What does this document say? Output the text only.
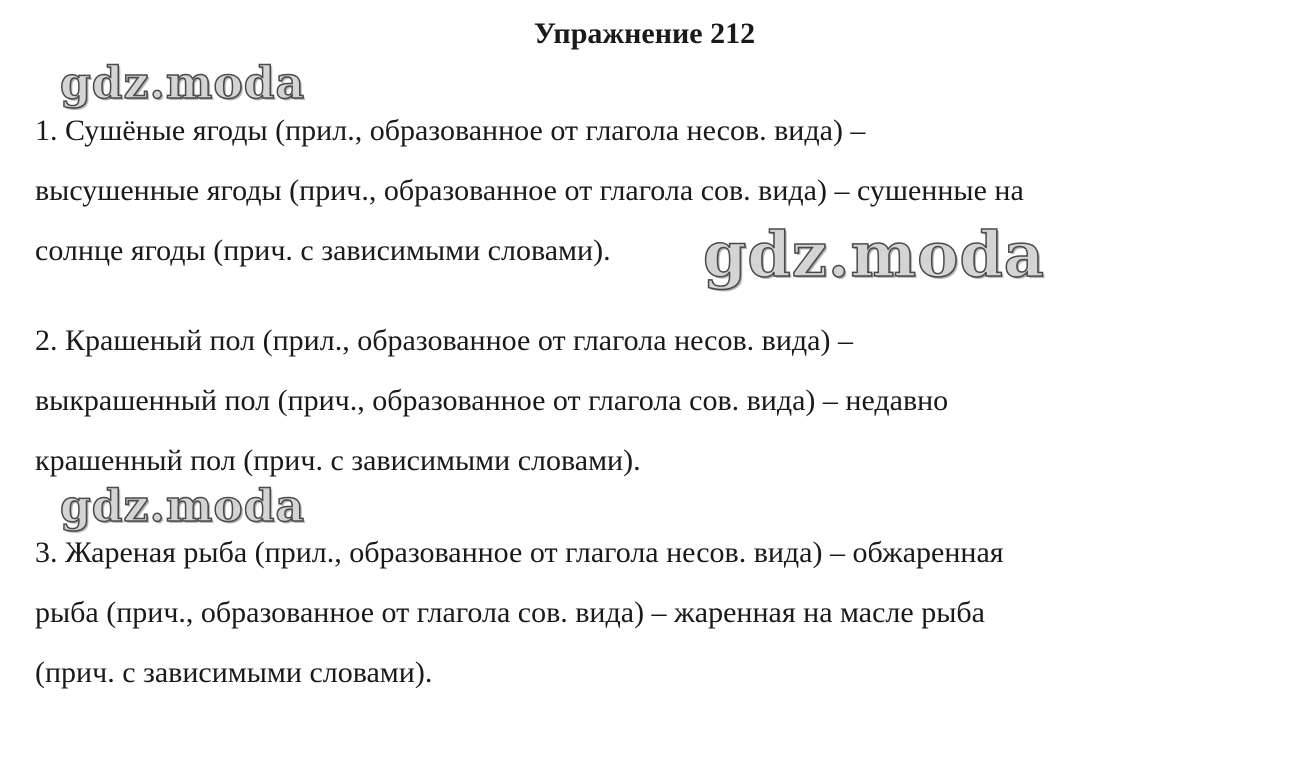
Упражнение 212

1. Сушёные ягоды (прил., образованное от глагола несов. вида) –
высушенные ягоды (прич., образованное от глагола сов. вида) – сушенные на
солнце ягоды (прич. с зависимыми словами).

2. Крашеный пол (прил., образованное от глагола несов. вида) –
выкрашенный пол (прич., образованное от глагола сов. вида) – недавно
крашенный пол (прич. с зависимыми словами).

3. Жареная рыба (прил., образованное от глагола несов. вида) – обжаренная
рыба (прич., образованное от глагола сов. вида) – жаренная на масле рыба
(прич. с зависимыми словами).

gdz.moda
gdz.moda
gdz.moda
